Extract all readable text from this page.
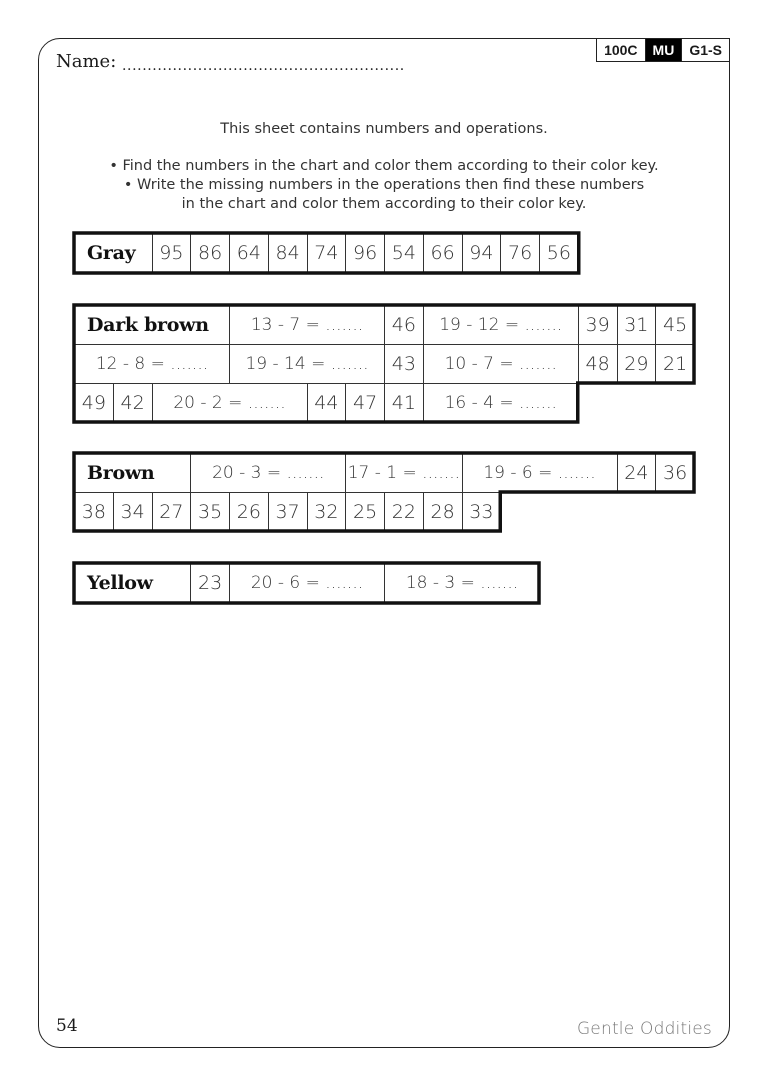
100C	MU	G1-S
Name: ........................................................
This sheet contains numbers and operations.
• Find the numbers in the chart and color them according to their color key.
• Write the missing numbers in the operations then find these numbers
in the chart and color them according to their color key.
Gray	95 86 64 84 74 96 54 66 94 76 56
Dark brown	13 - 7 = .......	46	19 - 12 = .......	39 31 45
12 - 8 = .......	19 - 14 = .......	43	10 - 7 = .......	48 29 21
49 42	20 - 2 = .......	44 47 41	16 - 4 = .......
Brown	20 - 3 = .......	17 - 1 = .......	19 - 6 = .......	24 36
38 34 27 35 26 37 32 25 22 28 33
Yellow	23	20 - 6 = .......	18 - 3 = .......
54	Gentle Oddities
